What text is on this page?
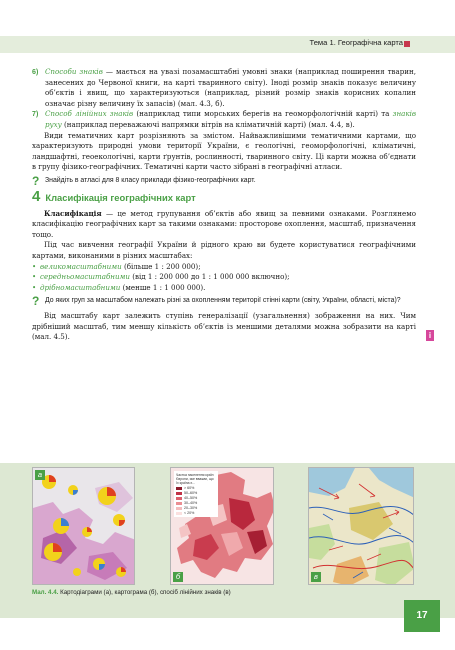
Тема 1. Географічна карта
6) Способи знаків — мається на увазі позамасштабні умовні знаки (наприклад поширення тварин, занесених до Червоної книги, на карті тваринного світу). Іноді розмір знаків показує величину об’єктів і явищ, що характеризуються (наприклад, різний розмір знаків корисних копалин означає різну величину їх запасів) (мал. 4.3, б).
7) Способ лінійних знаків (наприклад типи морських берегів на геоморфологічній карті) та знаків руху (наприклад переважаючі напрямки вітрів на кліматичній карті) (мал. 4.4, в).

Види тематичних карт розрізняють за змістом. Найважливішими тематичними картами, що характеризують природні умови території України, є геологічні, геоморфологічні, кліматичні, ландшафтні, геоекологічні, карти ґрунтів, рослинності, тваринного світу. Ці карти можна об’єднати в групу фізико-географічних. Тематичні карти часто зібрані в географічні атласи.

? Знайдіть в атласі для 8 класу приклади фізико-географічних карт.
4 Класифікація географічних карт

Класифікація — це метод групування об’єктів або явищ за певними ознаками. Розглянемо класифікацію географічних карт за такими ознаками: просторове охоплення, масштаб, призначення тощо.

Під час вивчення географії України й рідного краю ви будете користуватися географічними картами, виконаними в різних масштабах:

• великомасштабними (більше 1 : 200 000);
• середньомасштабними (від 1 : 200 000 до 1 : 1 000 000 включно);
• дрібномасштабними (менше 1 : 1 000 000).
? До яких груп за масштабом належать різні за охопленням території стінні карти (світу, України, області, міста)?

Від масштабу карт залежить ступінь генералізації (узагальнення) зображення на них. Чим дрібніший масштаб, тим меншу кількість об’єктів із меншими деталями можна зобразити на карті (мал. 4.5).	i
а	Частка населення країн Європи, яке вважає, що їх країна є...
> 60%
50–60%
40–50%
30–40%
20–30%
< 20%
б	в
Мал. 4.4. Картодіаграми (а), картограма (б), спосіб лінійних знаків (в)
17
